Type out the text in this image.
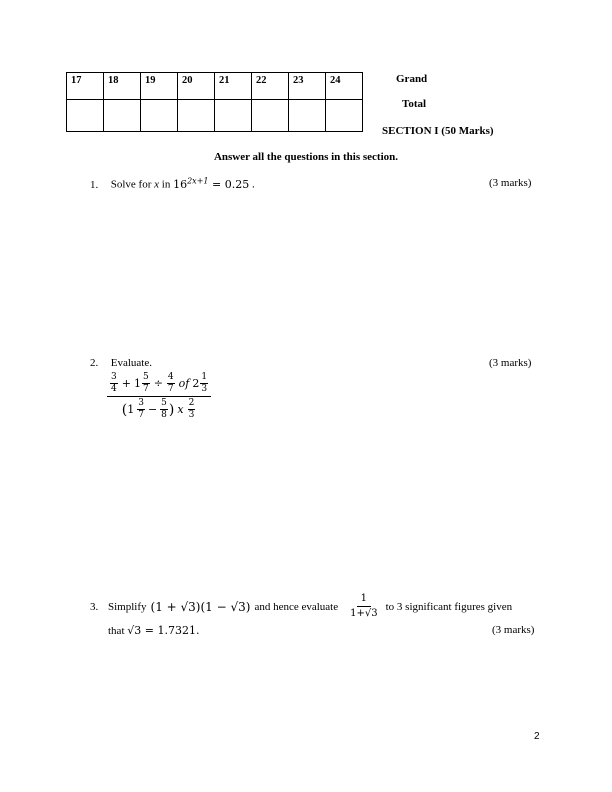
17	18	19	20	21	22	23	24
								Grand
Total
SECTION I (50 Marks)
Answer all the questions in this section.
1. Solve for x in $16^{2x+1} = 0.25$ .	(3 marks)
2. Evaluate.	(3 marks)
$\frac{\frac{3}{4} + 1 \frac{5}{7} \div \frac{4}{7} of 2 \frac{1}{3}}{( 1 \frac{3}{7} - \frac{5}{8} ) x \frac{2}{3}}$
3. Simplify (1 + √3)(1 − √3) and hence evaluate $\frac{1}{1+√3}$ to 3 significant figures given
that √3 = 1.7321.	(3 marks)
2
